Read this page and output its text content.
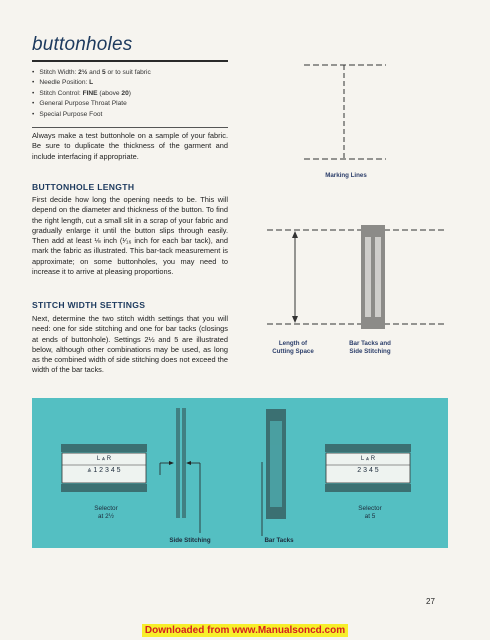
buttonholes
• Stitch Width: 2½ and 5 or to suit fabric
• Needle Position: L
• Stitch Control: FINE (above 20)
• General Purpose Throat Plate
• Special Purpose Foot
Always make a test buttonhole on a sample of your fabric. Be sure to duplicate the thickness of the garment and include interfacing if appropriate.
BUTTONHOLE LENGTH
First decide how long the opening needs to be. This will depend on the diameter and thickness of the button. To find the right length, cut a small slit in a scrap of your fabric and gradually enlarge it until the button slips through easily. Then add at least ⅛ inch (¹⁄₁₆ inch for each bar tack), and mark the fabric as illustrated. This bar-tack measurement is approximate; on some buttonholes, you may need to increase it to arrive at pleasing proportions.
STITCH WIDTH SETTINGS
Next, determine the two stitch width settings that you will need: one for side stitching and one for bar tacks (closings at ends of buttonhole). Settings 2½ and 5 are illustrated below, although other combinations may be used, as long as the combined width of side stitching does not exceed the width of the bar tacks.
Marking Lines
Length of
Cutting Space
Bar Tacks and
Side Stitching
L ⩓ R
⩓ 1 2 3 4 5
Selector
at 2½
L ⩓ R
2 3 4 5
Selector
at 5
Side Stitching	Bar Tacks
27
Downloaded from www.Manualsoncd.com
